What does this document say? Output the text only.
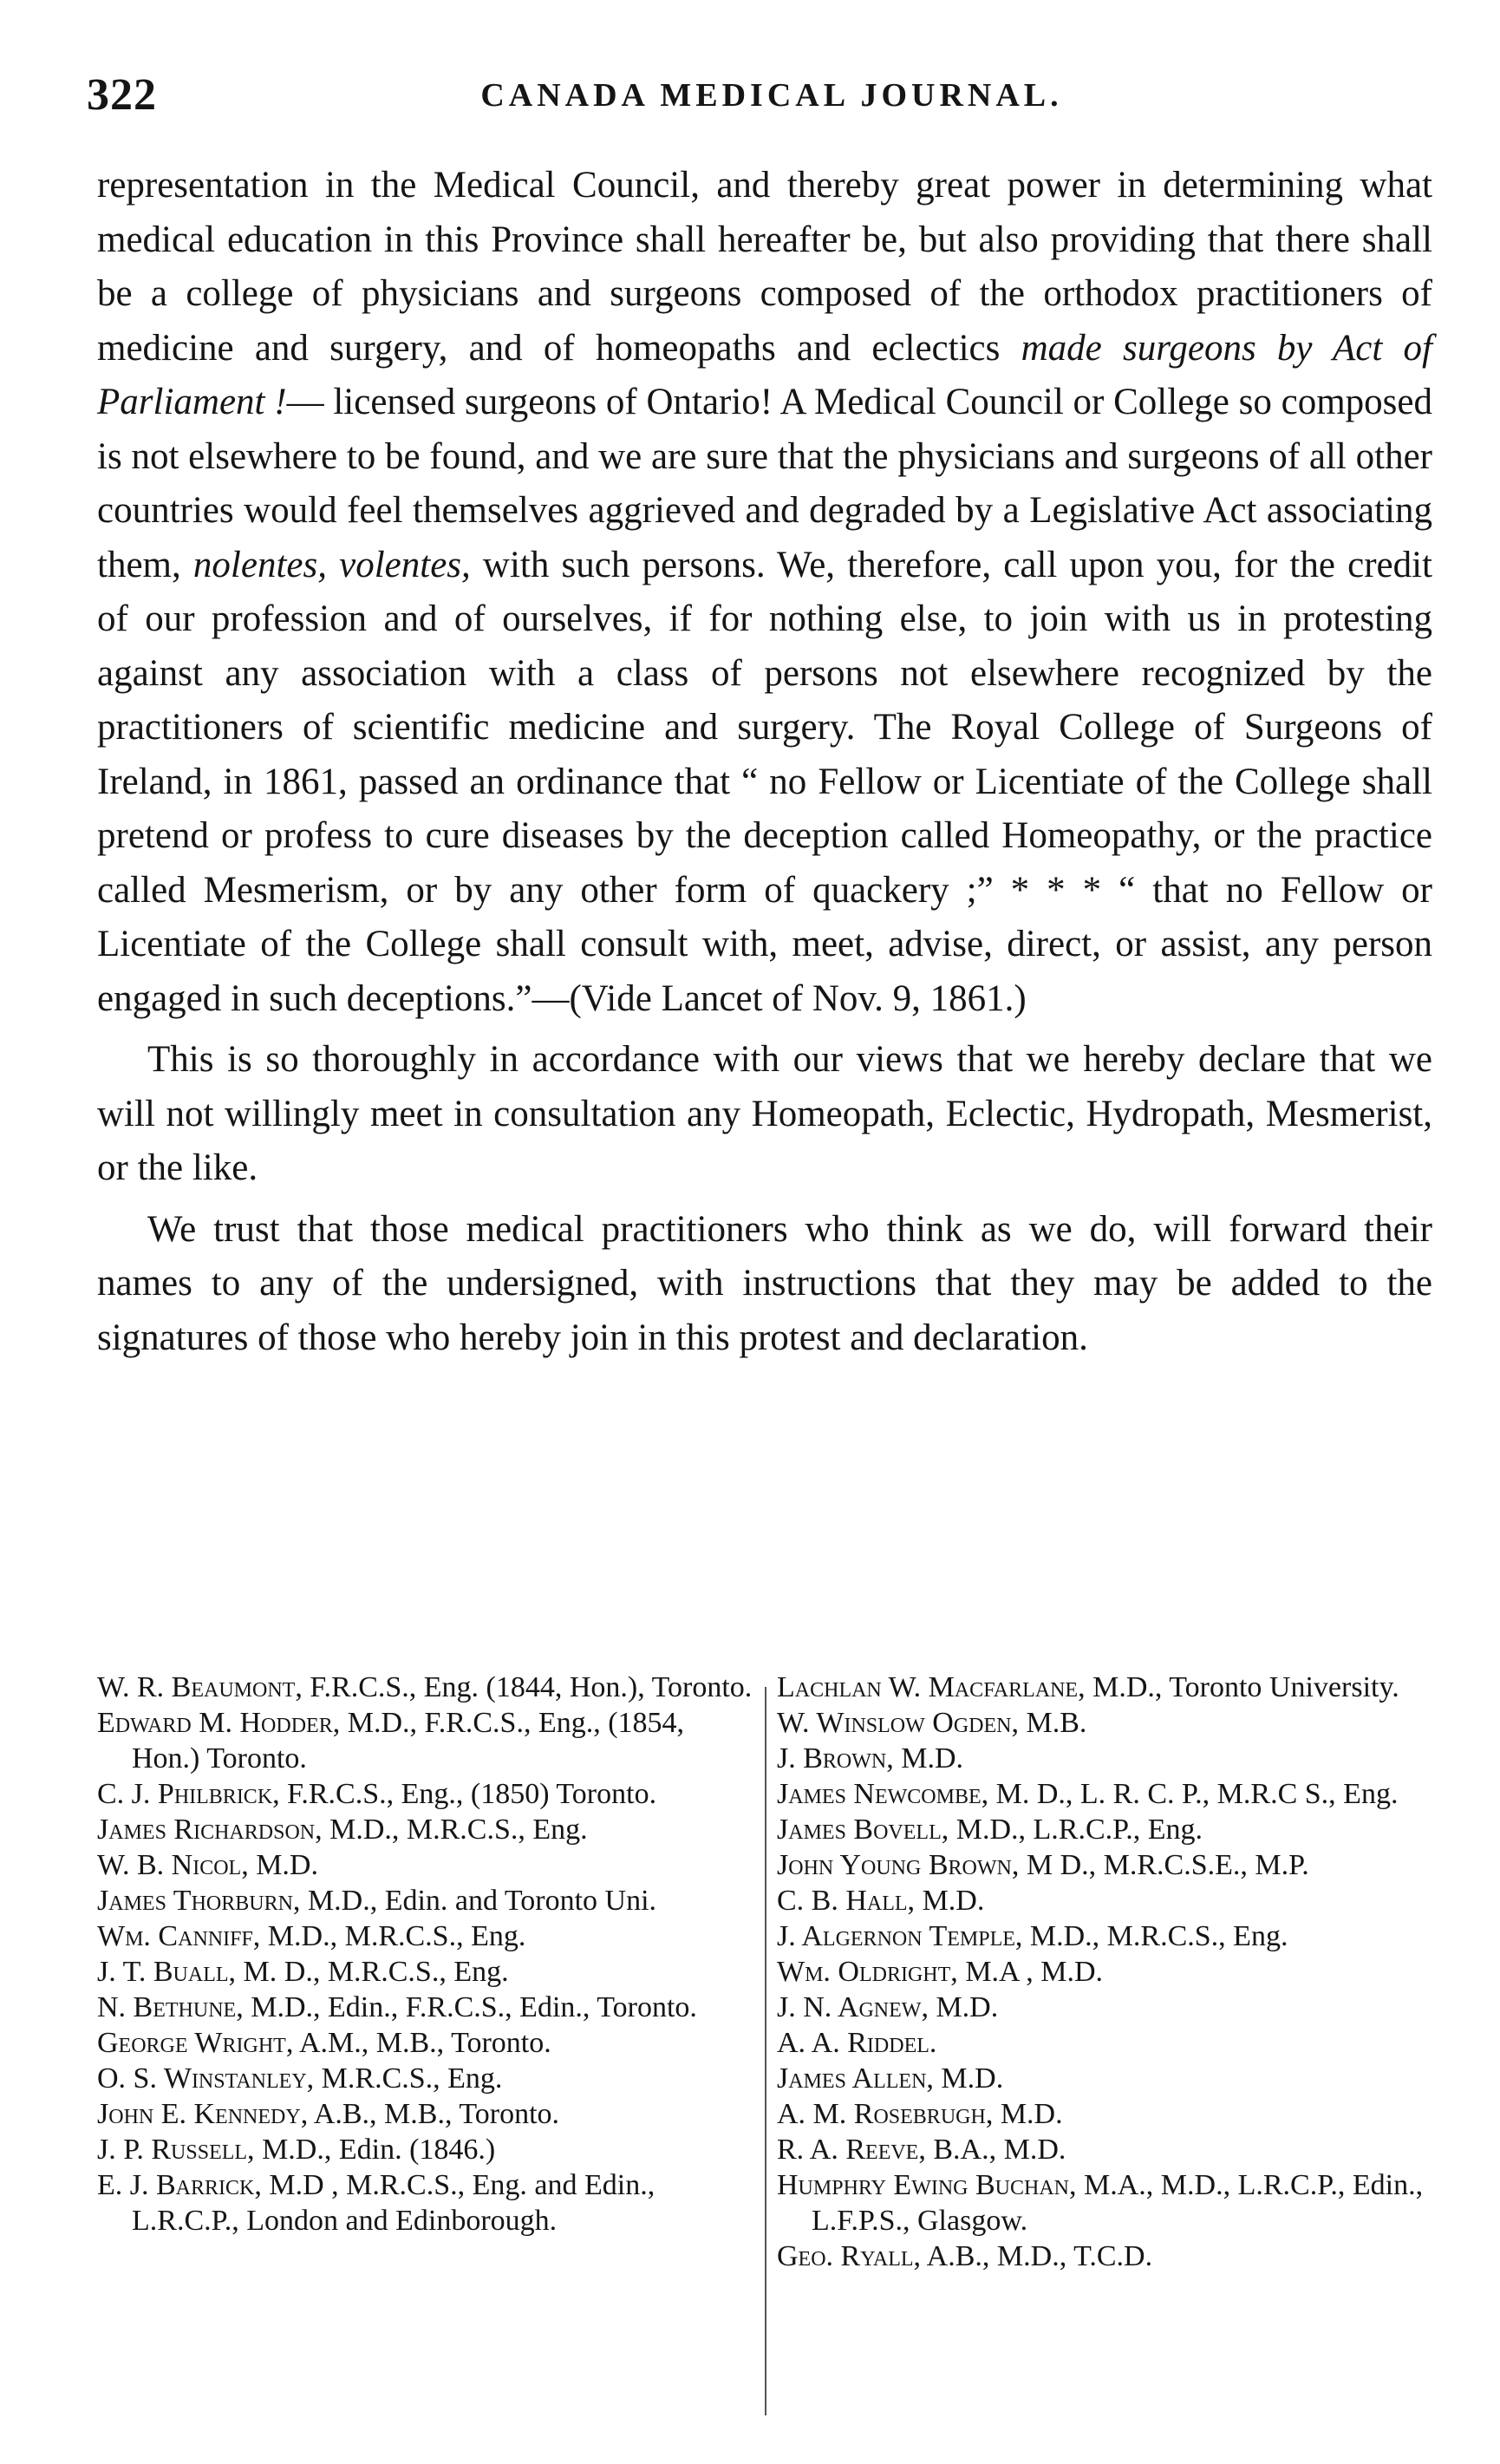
322	CANADA MEDICAL JOURNAL.

representation in the Medical Council, and thereby great power in determining what medical education in this Province shall hereafter be, but also providing that there shall be a college of physicians and surgeons composed of the orthodox practitioners of medicine and surgery, and of homeopaths and eclectics made surgeons by Act of Parliament !— licensed surgeons of Ontario! A Medical Council or College so composed is not elsewhere to be found, and we are sure that the physicians and surgeons of all other countries would feel themselves aggrieved and degraded by a Legislative Act associating them, nolentes, volentes, with such persons. We, therefore, call upon you, for the credit of our profession and of ourselves, if for nothing else, to join with us in protesting against any association with a class of persons not elsewhere recognized by the practitioners of scientific medicine and surgery. The Royal College of Surgeons of Ireland, in 1861, passed an ordinance that “ no Fellow or Licentiate of the College shall pretend or profess to cure diseases by the deception called Homeopathy, or the practice called Mesmerism, or by any other form of quackery ;” * * * “ that no Fellow or Licentiate of the College shall consult with, meet, advise, direct, or assist, any person engaged in such deceptions.”—(Vide Lancet of Nov. 9, 1861.)

This is so thoroughly in accordance with our views that we hereby declare that we will not willingly meet in consultation any Homeopath, Eclectic, Hydropath, Mesmerist, or the like.

We trust that those medical practitioners who think as we do, will forward their names to any of the undersigned, with instructions that they may be added to the signatures of those who hereby join in this protest and declaration.

W. R. Beaumont, F.R.C.S., Eng. (1844, Hon.), Toronto.

Edward M. Hodder, M.D., F.R.C.S., Eng., (1854, Hon.) Toronto.

C. J. Philbrick, F.R.C.S., Eng., (1850) Toronto.

James Richardson, M.D., M.R.C.S., Eng.

W. B. Nicol, M.D.

James Thorburn, M.D., Edin. and Toronto Uni.

Wm. Canniff, M.D., M.R.C.S., Eng.

J. T. Buall, M. D., M.R.C.S., Eng.

N. Bethune, M.D., Edin., F.R.C.S., Edin., Toronto.

George Wright, A.M., M.B., Toronto.

O. S. Winstanley, M.R.C.S., Eng.

John E. Kennedy, A.B., M.B., Toronto.

J. P. Russell, M.D., Edin. (1846.)

E. J. Barrick, M.D , M.R.C.S., Eng. and Edin., L.R.C.P., London and Edinborough.

Lachlan W. Macfarlane, M.D., Toronto University.

W. Winslow Ogden, M.B.

J. Brown, M.D.

James Newcombe, M. D., L. R. C. P., M.R.C S., Eng.

James Bovell, M.D., L.R.C.P., Eng.

John Young Brown, M D., M.R.C.S.E., M.P.

C. B. Hall, M.D.

J. Algernon Temple, M.D., M.R.C.S., Eng.

Wm. Oldright, M.A , M.D.

J. N. Agnew, M.D.

A. A. Riddel.

James Allen, M.D.

A. M. Rosebrugh, M.D.

R. A. Reeve, B.A., M.D.

Humphry Ewing Buchan, M.A., M.D., L.R.C.P., Edin., L.F.P.S., Glasgow.

Geo. Ryall, A.B., M.D., T.C.D.
